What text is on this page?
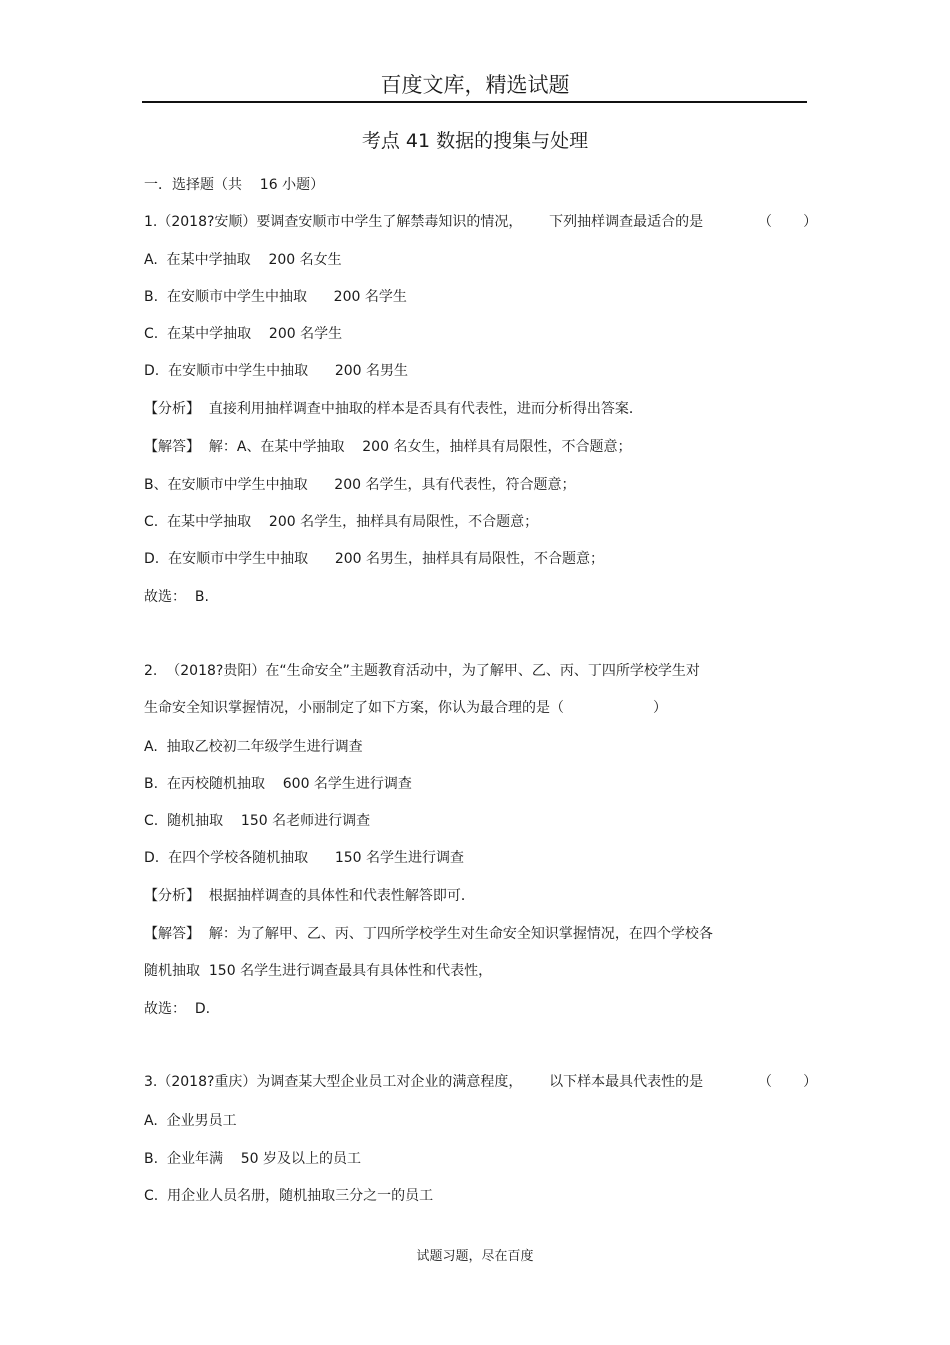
百度文库，精选试题
考点 41 数据的搜集与处理
一．选择题（共    16 小题）
1.（2018?安顺）要调查安顺市中学生了解禁毒知识的情况，      下列抽样调查最适合的是	（       ）
A.  在某中学抽取    200 名女生
B.  在安顺市中学生中抽取      200 名学生
C.  在某中学抽取    200 名学生
D.  在安顺市中学生中抽取      200 名男生
【分析】  直接利用抽样调查中抽取的样本是否具有代表性，进而分析得出答案．
【解答】  解：A、在某中学抽取    200 名女生，抽样具有局限性，不合题意；
B、在安顺市中学生中抽取      200 名学生，具有代表性，符合题意；
C.  在某中学抽取    200 名学生，抽样具有局限性，不合题意；
D.  在安顺市中学生中抽取      200 名男生，抽样具有局限性，不合题意；
故选：  B.
2.  （2018?贵阳）在“生命安全”主题教育活动中，为了解甲、乙、丙、丁四所学校学生对
生命安全知识掌握情况，小丽制定了如下方案，你认为最合理的是（                    ）
A.  抽取乙校初二年级学生进行调查
B.  在丙校随机抽取    600 名学生进行调查
C.  随机抽取    150 名老师进行调查
D.  在四个学校各随机抽取      150 名学生进行调查
【分析】  根据抽样调查的具体性和代表性解答即可．
【解答】  解：为了解甲、乙、丙、丁四所学校学生对生命安全知识掌握情况，在四个学校各
随机抽取  150 名学生进行调查最具有具体性和代表性，
故选：  D.
3.（2018?重庆）为调查某大型企业员工对企业的满意程度，      以下样本最具代表性的是	（       ）
A.  企业男员工
B.  企业年满    50 岁及以上的员工
C.  用企业人员名册，随机抽取三分之一的员工
试题习题，尽在百度
